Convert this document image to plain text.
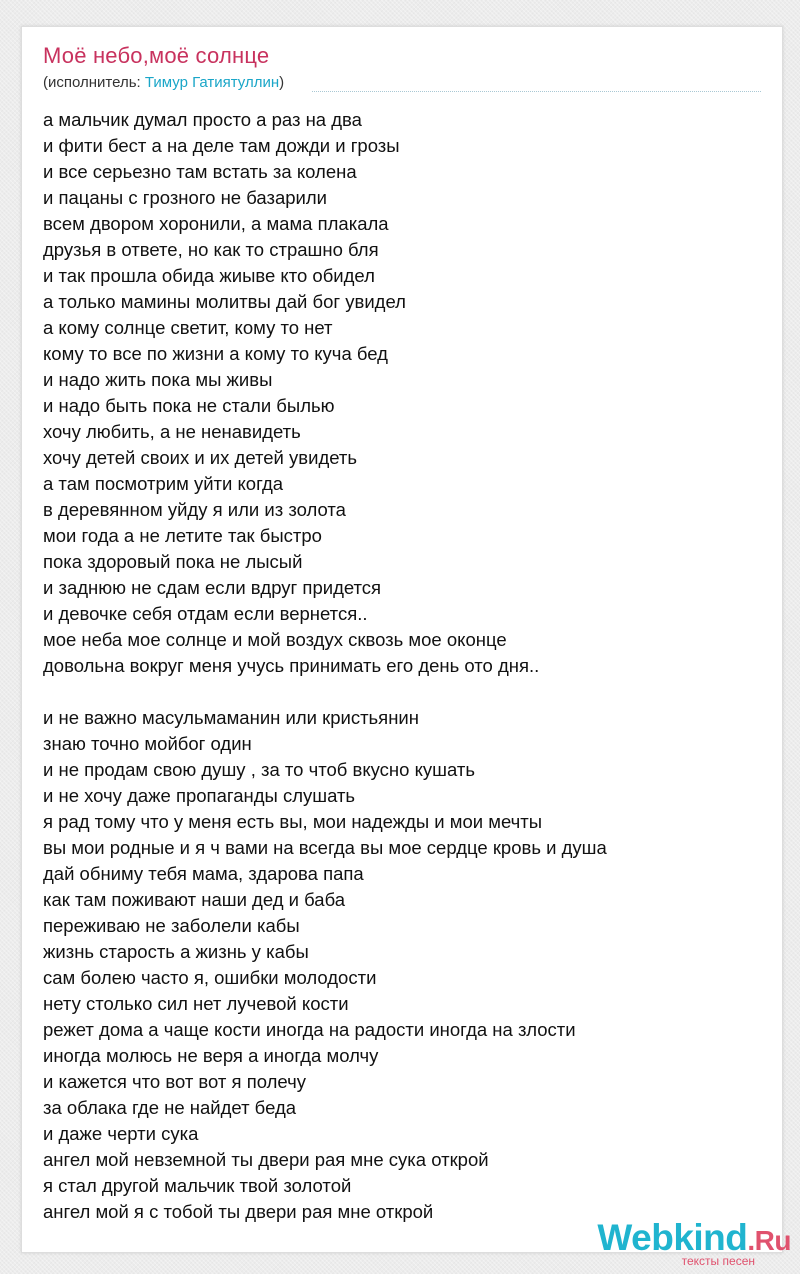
Моё небо,моё солнце
(исполнитель: Тимур Гатиятуллин)

а мальчик думал просто а раз на два
и фити бест а на деле там дожди и грозы
и все серьезно там встать за колена
и пацаны с грозного не базарили
всем двором хоронили, а мама плакала
друзья в ответе, но как то страшно бля
и так прошла обида жиыве кто обидел
а только мамины молитвы дай бог увидел
а кому солнце светит, кому то нет
кому то все по жизни а кому то куча бед
и надо жить пока мы живы
и надо быть пока не стали былью
хочу любить, а не ненавидеть
хочу детей своих и их детей увидеть
а там посмотрим уйти когда
в деревянном уйду я или из золота
мои года а не летите так быстро
пока здоровый пока не лысый
и заднюю не сдам если вдруг придется
и девочке себя отдам если вернется..
мое неба мое солнце и мой воздух сквозь мое оконце
довольна вокруг меня учусь принимать его день ото дня..

и не важно масульмаманин или кристьянин
знаю точно мойбог один
и не продам свою душу , за то чтоб вкусно кушать
и не хочу даже пропаганды слушать
я рад тому что у меня есть вы, мои надежды и мои мечты
вы мои родные и я ч вами на всегда вы мое сердце кровь и душа
дай обниму тебя мама, здарова папа
как там поживают наши дед и баба
переживаю не заболели кабы
жизнь старость а жизнь у кабы
сам болею часто я, ошибки молодости
нету столько сил нет лучевой кости
режет дома а чаще кости иногда на радости иногда на злости
иногда молюсь не веря а иногда молчу
и кажется что вот вот я полечу
за облака где не найдет беда
и даже черти сука
ангел мой невземной ты двери рая мне сука открой
я стал другой мальчик твой золотой
ангел мой я с тобой ты двери рая мне открой

Webkind.Ru
тексты песен
